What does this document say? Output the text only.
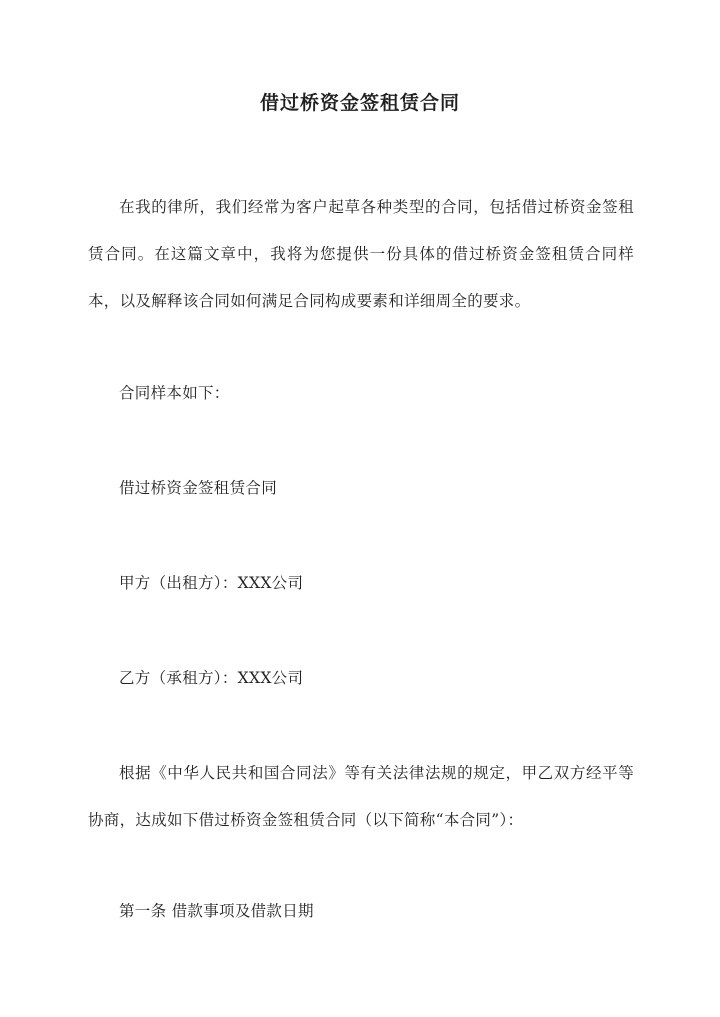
借过桥资金签租赁合同

在我的律所，我们经常为客户起草各种类型的合同，包括借过桥资金签租赁合同。在这篇文章中，我将为您提供一份具体的借过桥资金签租赁合同样本，以及解释该合同如何满足合同构成要素和详细周全的要求。

合同样本如下：

借过桥资金签租赁合同

甲方（出租方）：XXX公司

乙方（承租方）：XXX公司

根据《中华人民共和国合同法》等有关法律法规的规定，甲乙双方经平等协商，达成如下借过桥资金签租赁合同（以下简称“本合同”）：

第一条 借款事项及借款日期
